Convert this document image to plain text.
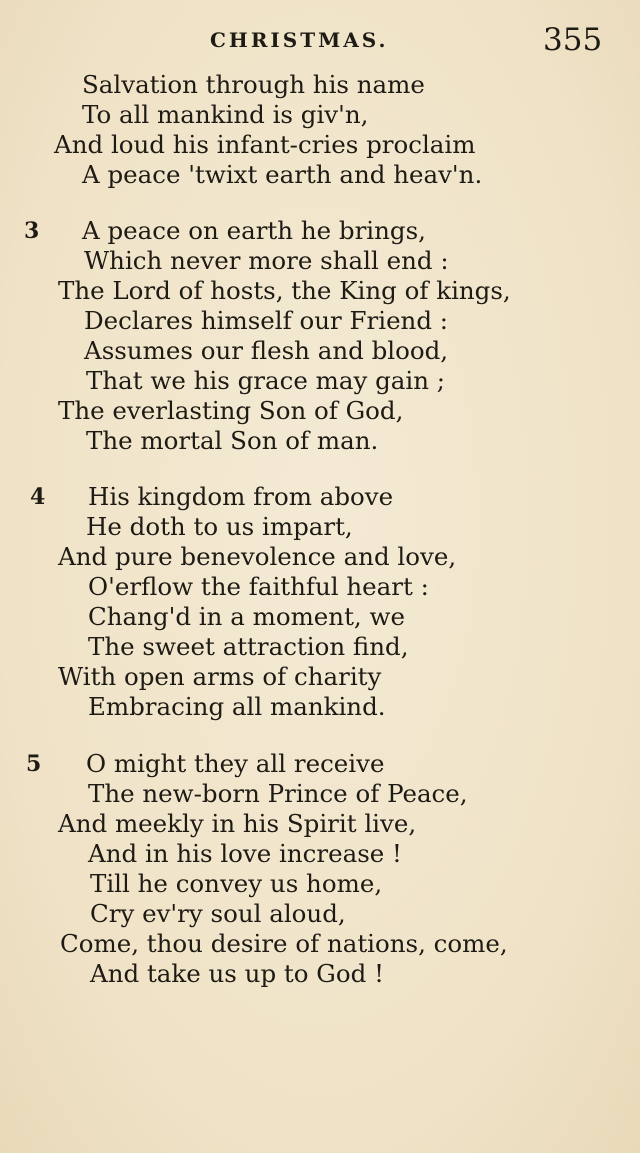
CHRISTMAS.	355
Salvation through his name
To all mankind is giv'n,
And loud his infant-cries proclaim
A peace 'twixt earth and heav'n.
3 A peace on earth he brings,
Which never more shall end :
The Lord of hosts, the King of kings,
Declares himself our Friend :
Assumes our flesh and blood,
That we his grace may gain ;
The everlasting Son of God,
The mortal Son of man.
4 His kingdom from above
He doth to us impart,
And pure benevolence and love,
O'erflow the faithful heart :
Chang'd in a moment, we
The sweet attraction find,
With open arms of charity
Embracing all mankind.
5 O might they all receive
The new-born Prince of Peace,
And meekly in his Spirit live,
And in his love increase !
Till he convey us home,
Cry ev'ry soul aloud,
Come, thou desire of nations, come,
And take us up to God !
